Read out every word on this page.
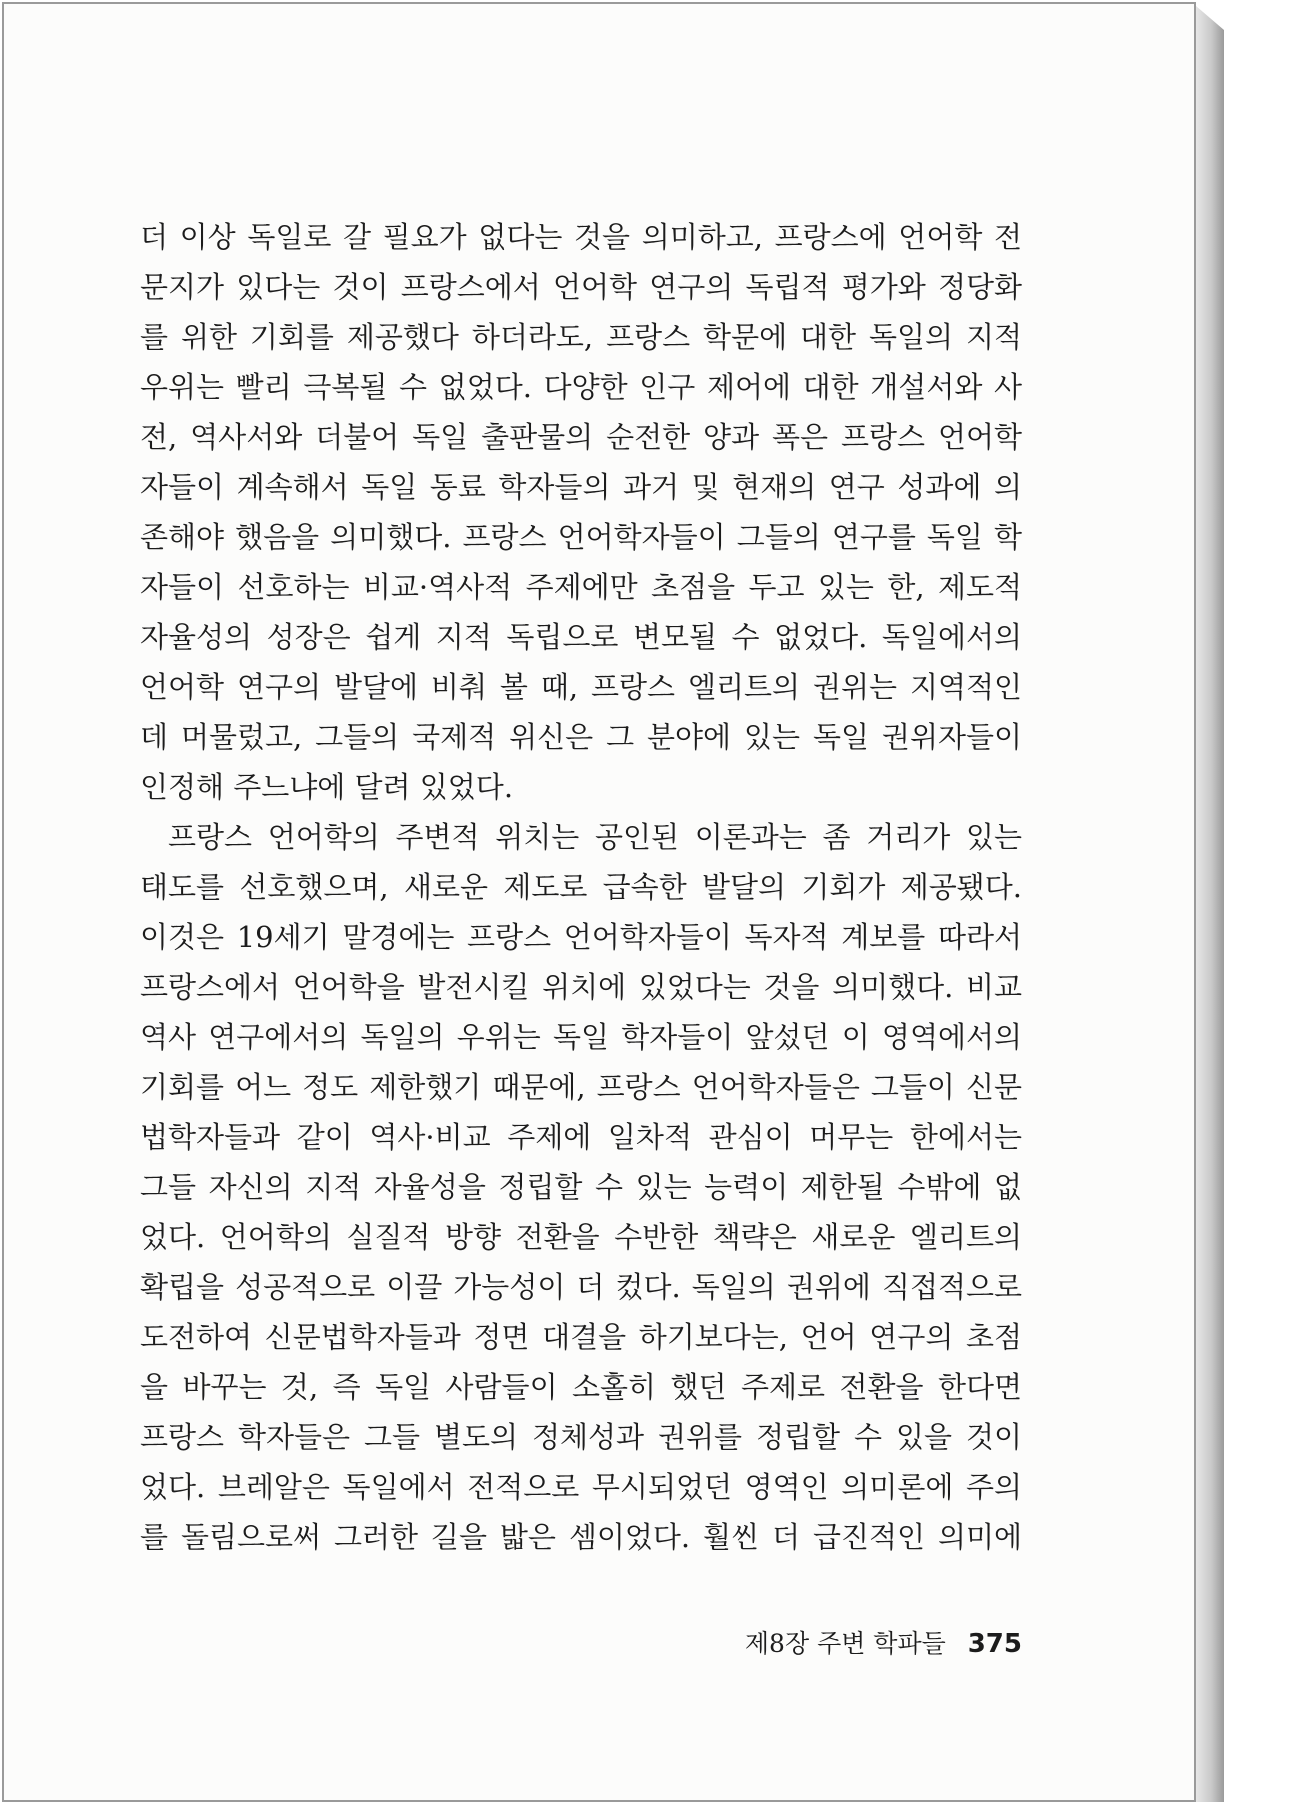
더 이상 독일로 갈 필요가 없다는 것을 의미하고, 프랑스에 언어학 전
문지가 있다는 것이 프랑스에서 언어학 연구의 독립적 평가와 정당화
를 위한 기회를 제공했다 하더라도, 프랑스 학문에 대한 독일의 지적
우위는 빨리 극복될 수 없었다. 다양한 인구 제어에 대한 개설서와 사
전, 역사서와 더불어 독일 출판물의 순전한 양과 폭은 프랑스 언어학
자들이 계속해서 독일 동료 학자들의 과거 및 현재의 연구 성과에 의
존해야 했음을 의미했다. 프랑스 언어학자들이 그들의 연구를 독일 학
자들이 선호하는 비교·역사적 주제에만 초점을 두고 있는 한, 제도적
자율성의 성장은 쉽게 지적 독립으로 변모될 수 없었다. 독일에서의
언어학 연구의 발달에 비춰 볼 때, 프랑스 엘리트의 권위는 지역적인
데 머물렀고, 그들의 국제적 위신은 그 분야에 있는 독일 권위자들이
인정해 주느냐에 달려 있었다.
프랑스 언어학의 주변적 위치는 공인된 이론과는 좀 거리가 있는
태도를 선호했으며, 새로운 제도로 급속한 발달의 기회가 제공됐다.
이것은 19세기 말경에는 프랑스 언어학자들이 독자적 계보를 따라서
프랑스에서 언어학을 발전시킬 위치에 있었다는 것을 의미했다. 비교
역사 연구에서의 독일의 우위는 독일 학자들이 앞섰던 이 영역에서의
기회를 어느 정도 제한했기 때문에, 프랑스 언어학자들은 그들이 신문
법학자들과 같이 역사·비교 주제에 일차적 관심이 머무는 한에서는
그들 자신의 지적 자율성을 정립할 수 있는 능력이 제한될 수밖에 없
었다. 언어학의 실질적 방향 전환을 수반한 책략은 새로운 엘리트의
확립을 성공적으로 이끌 가능성이 더 컸다. 독일의 권위에 직접적으로
도전하여 신문법학자들과 정면 대결을 하기보다는, 언어 연구의 초점
을 바꾸는 것, 즉 독일 사람들이 소홀히 했던 주제로 전환을 한다면
프랑스 학자들은 그들 별도의 정체성과 권위를 정립할 수 있을 것이
었다. 브레알은 독일에서 전적으로 무시되었던 영역인 의미론에 주의
를 돌림으로써 그러한 길을 밟은 셈이었다. 훨씬 더 급진적인 의미에
제8장 주변 학파들 375
